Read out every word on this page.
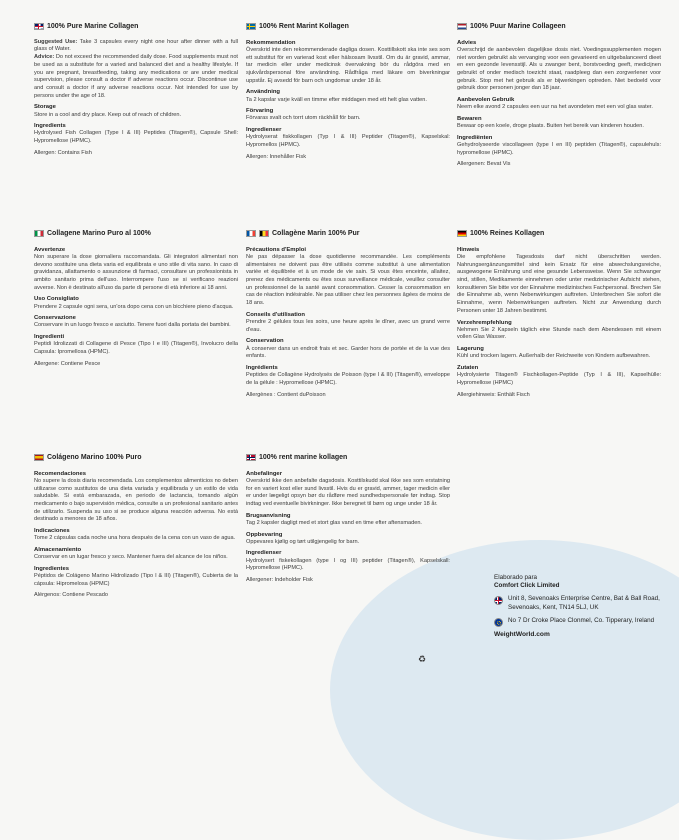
100% Pure Marine Collagen

Suggested Use: Take 3 capsules every night one hour after dinner with a full glass of Water.

Advice: Do not exceed the recommended daily dose. Food supplements must not be used as a substitute for a varied and balanced diet and a healthy lifestyle. If you are pregnant, breastfeeding, taking any medications or are under medical supervision, please consult a doctor if adverse reactions occur. Discontinue use and consult a doctor if any adverse reactions occur. Not intended for use by persons under the age of 18.

Storage

Store in a cool and dry place. Keep out of reach of children.

Ingredients

Hydrolysed Fish Collagen (Type I & III) Peptides (Titagen®), Capsule Shell: Hypromellose (HPMC).

Allergen: Contains Fish
100% Rent Marint Kollagen
Rekommendation

Överskrid inte den rekommenderade dagliga dosen. Kosttillskott ska inte ses som ett substitut för en varierad kost eller hälsosam livsstil. Om du är gravid, ammar, tar medicin eller under medicinsk övervakning bör du rådgöra med en sjukvårdspersonal före användning. Rådfråga med läkare om biverkningar uppstår. Ej avsedd för barn och ungdomar under 18 år.

Användning

Ta 2 kapslar varje kväll en timme efter middagen med ett helt glas vatten.

Förvaring

Förvaras svalt och torrt utom räckhåll för barn.

Ingredienser

Hydrolyserat fiskkollagen (Typ I & III) Peptider (Titagen®), Kapselskal: Hypromellos (HPMC).

Allergen: Innehåller Fisk
100% Puur Marine Collageen
Advies

Overschrijd de aanbevolen dagelijkse dosis niet. Voedingssupplementen mogen niet worden gebruikt als vervanging voor een gevarieerd en uitgebalanceerd dieet en een gezonde levensstijl. Als u zwanger bent, borstvoeding geeft, medicijnen gebruikt of onder medisch toezicht staat, raadpleeg dan een zorgverlener voor gebruik. Stop met het gebruik als er bijwerkingen optreden. Niet bedoeld voor gebruik door personen jonger dan 18 jaar.

Aanbevolen Gebruik

Neem elke avond 2 capsules een uur na het avondeten met een vol glas water.

Bewaren

Bewaar op een koele, droge plaats. Buiten het bereik van kinderen houden.

Ingrediënten

Gehydrolyseerde viscollageen (type I en III) peptiden (Titagen®), capsulehuls: hypromellose (HPMC).

Allergenen: Bevat Vis
Collagene Marino Puro al 100%
Avvertenze

Non superare la dose giornaliera raccomandata. Gli integratori alimentari non devono sostituire una dieta varia ed equilibrata e uno stile di vita sano. In caso di gravidanza, allattamento o assunzione di farmaci, consultare un professionista in ambito sanitario prima dell'uso. Interrompere l'uso se si verificano reazioni avverse. Non è destinato all'uso da parte di persone di età inferiore ai 18 anni.

Uso Consigliato

Prendere 2 capsule ogni sera, un'ora dopo cena con un bicchiere pieno d'acqua.

Conservazione

Conservare in un luogo fresco e asciutto. Tenere fuori dalla portata dei bambini.

Ingredienti

Peptidi Idrolizzati di Collagene di Pesce (Tipo I e III) (Titagen®), Involucro della Capsula: Ipromellosa (HPMC).

Allergene: Contiene Pesce
Collagène Marin 100% Pur
Précautions d'Emploi

Ne pas dépasser la dose quotidienne recommandée. Les compléments alimentaires ne doivent pas être utilisés comme substitut à une alimentation variée et équilibrée et à un mode de vie sain. Si vous êtes enceinte, allaitez, prenez des médicaments ou êtes sous surveillance médicale, veuillez consulter un professionnel de la santé avant consommation. Cesser la consommation en cas de réaction indésirable. Ne pas utiliser chez les personnes âgées de moins de 18 ans.

Conseils d'utilisation

Prendre 2 gélules tous les soirs, une heure après le dîner, avec un grand verre d'eau.

Conservation

À conserver dans un endroit frais et sec. Garder hors de portée et de la vue des enfants.

Ingrédients

Peptides de Collagène Hydrolysés de Poisson (type I & III) (Titagen®), enveloppe de la gélule : Hypromellose (HPMC).

Allergènes : Contient duPoisson
100% Reines Kollagen
Hinweis

Die empfohlene Tagesdosis darf nicht überschritten werden. Nahrungsergänzungsmittel sind kein Ersatz für eine abwechslungsreiche, ausgewogene Ernährung und eine gesunde Lebensweise. Wenn Sie schwanger sind, stillen, Medikamente einnehmen oder unter medizinischer Aufsicht stehen, konsultieren Sie bitte vor der Einnahme medizinisches Fachpersonal. Brechen Sie die Einnahme ab, wenn Nebenwirkungen auftreten. Unterbrechen Sie sofort die Einnahme, wenn Nebenwirkungen auftreten. Nicht zur Anwendung durch Personen unter 18 Jahren bestimmt.

Verzehrempfehlung

Nehmen Sie 2 Kapseln täglich eine Stunde nach dem Abendessen mit einem vollen Glas Wasser.

Lagerung

Kühl und trocken lagern. Außerhalb der Reichweite von Kindern aufbewahren.

Zutaten

Hydrolysierte Titagen® Fischkollagen-Peptide (Typ I & III), Kapselhülle: Hypromellose (HPMC)

Allergiehinweis: Enthält Fisch
Colágeno Marino 100% Puro
Recomendaciones

No supere la dosis diaria recomendada. Los complementos alimenticios no deben utilizarse como sustitutos de una dieta variada y equilibrada y un estilo de vida saludable. Si está embarazada, en periodo de lactancia, tomando algún medicamento o bajo supervisión médica, consulte a un profesional sanitario antes de utilizarlo. Suspenda su uso si se produce alguna reacción adversa. No está destinado a menores de 18 años.

Indicaciones

Tome 2 cápsulas cada noche una hora después de la cena con un vaso de agua.

Almacenamiento

Conservar en un lugar fresco y seco. Mantener fuera del alcance de los niños.

Ingredientes

Péptidos de Colágeno Marino Hidrolizado (Tipo I & III) (Titagen®), Cubierta de la cápsula: Hipromelosa (HPMC)

Alérgenos: Contiene Pescado
100% rent marine kollagen
Anbefalinger

Overskrid ikke den anbefalte dagsdosis. Kosttilskudd skal ikke ses som erstatning for en variert kost eller sund livsstil. Hvis du er gravid, ammer, tager medicin eller er under lægeligt opsyn bør du rådføre med sundhedspersonale før indtag. Stop indtag ved eventuelle bivirkninger. Ikke beregnet til børn og unge under 18 år.

Brugsanvisning

Tag 2 kapsler dagligt med et stort glas vand en time efter aftensmaden.

Oppbevaring

Oppevares kjølig og tørt utilgjengelig for barn.

Ingredienser

Hydrolysert fiskekollagen (type I og III) peptider (Titagen®), Kapselskall: Hypromellose (HPMC).

Allergener: Indeholder Fisk
♻

Elaborado para

Comfort Click Limited

Unit 8, Sevenoaks Enterprise Centre, Bat & Ball Road, Sevenoaks, Kent, TN14 5LJ, UK
No 7 Dr Croke Place Clonmel, Co. Tipperary, Ireland
WeightWorld.com
